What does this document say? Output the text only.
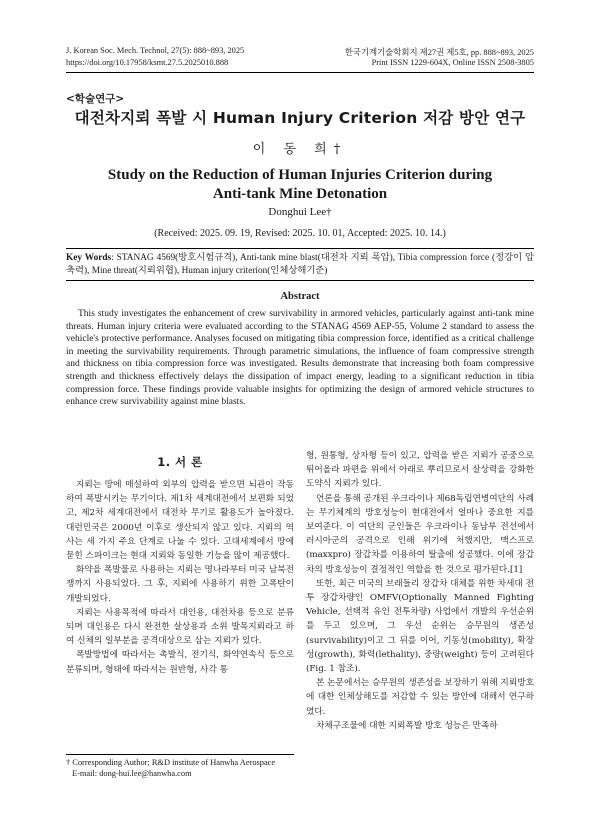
J. Korean Soc. Mech. Technol, 27(5): 888~893, 2025	한국기계기술학회지 제27권 제5호, pp. 888~893, 2025
https://doi.org/10.17958/ksmt.27.5.2025010.888	Print ISSN 1229-604X, Online ISSN 2508-3805
<학술연구>
대전차지뢰 폭발 시 Human Injury Criterion 저감 방안 연구
이 동 희†
Study on the Reduction of Human Injuries Criterion during Anti-tank Mine Detonation
Donghui Lee†
(Received: 2025. 09. 19, Revised: 2025. 10. 01, Accepted: 2025. 10. 14.)
Key Words: STANAG 4569(방호시험규격), Anti-tank mine blast(대전차 지뢰 폭압), Tibia compression force (정강이 압축력), Mine threat(지뢰위협), Human injury criterion(인체상해기준)
Abstract

This study investigates the enhancement of crew survivability in armored vehicles, particularly against anti-tank mine threats. Human injury criteria were evaluated according to the STANAG 4569 AEP-55, Volume 2 standard to assess the vehicle's protective performance. Analyses focused on mitigating tibia compression force, identified as a critical challenge in meeting the survivability requirements. Through parametric simulations, the influence of foam compressive strength and thickness on tibia compression force was investigated. Results demonstrate that increasing both foam compressive strength and thickness effectively delays the dissipation of impact energy, leading to a significant reduction in tibia compression force. These findings provide valuable insights for optimizing the design of armored vehicle structures to enhance crew survivability against mine blasts.

1. 서 론

지뢰는 땅에 매설하여 외부의 압력을 받으면 뇌관이 작동하여 폭발시키는 무기이다. 제1차 세계대전에서 보편화 되었고, 제2차 세계대전에서 대전차 무기로 활용도가 높아졌다. 대런민국은 2000년 이후로 생산되지 않고 있다. 지뢰의 역사는 세 가지 주요 단계로 나눌 수 있다. 고대세계에서 땅에 묻힌 스파이크는 현대 지뢰와 동일한 기능을 많이 제공했다.

화약을 폭발물로 사용하는 지뢰는 명나라부터 미국 남북전쟁까지 사용되었다. 그 후, 지뢰에 사용하기 위한 고폭탄이 개발되었다.

지뢰는 사용목적에 따라서 대인용, 대전차용 등으로 분류되며 대인용은 다시 완전한 살상용과 소위 발목지뢰라고 하여 신체의 일부분을 공격대상으로 삼는 지뢰가 있다.

폭발방법에 따라서는 촉발식, 전기식, 화약연속식 등으로 분류되며, 형태에 따라서는 원반형, 사각 통

형, 원통형, 상자형 등이 있고, 압력을 받은 지뢰가 공중으로 튀어올라 파편을 위에서 아래로 뿌리므로서 살상력을 강화한 도약식 지뢰가 있다.

언론을 통해 공개된 우크라이나 제68독립연병여단의 사례는 무기체계의 방호성능이 현대전에서 얼마나 중요한 지를 보여준다. 이 여단의 군인들은 우크라이나 동남부 전선에서 러시아군의 공격으로 인해 위기에 처했지만, 맥스프로(maxxpro) 장갑차를 이용하여 탈출에 성공했다. 이에 장갑차의 방호성능이 결정적인 역할을 한 것으로 평가된다.[1]

또한, 최근 미국의 브래들리 장갑차 대체를 위한 차세대 전투 장갑차량인 OMFV(Optionally Manned Fighting Vehicle, 선택적 유인 전투차량) 사업에서 개발의 우선순위를 두고 있으며, 그 우선 순위는 승무원의 생존성(survivability)이고 그 뒤를 이어, 기동성(mobility), 확장성(growth), 화력(lethality), 중량(weight) 등이 고려된다(Fig. 1 참조).

본 논문에서는 승무원의 생존성을 보장하기 위해 지뢰방호에 대한 인체상해도를 저감할 수 있는 방안에 대해서 연구하였다.

차체구조물에 대한 지뢰폭발 방호 성능은 만족하

† Corresponding Author; R&D institute of Hanwha Aerospace
E-mail: dong-hui.lee@hanwha.com
